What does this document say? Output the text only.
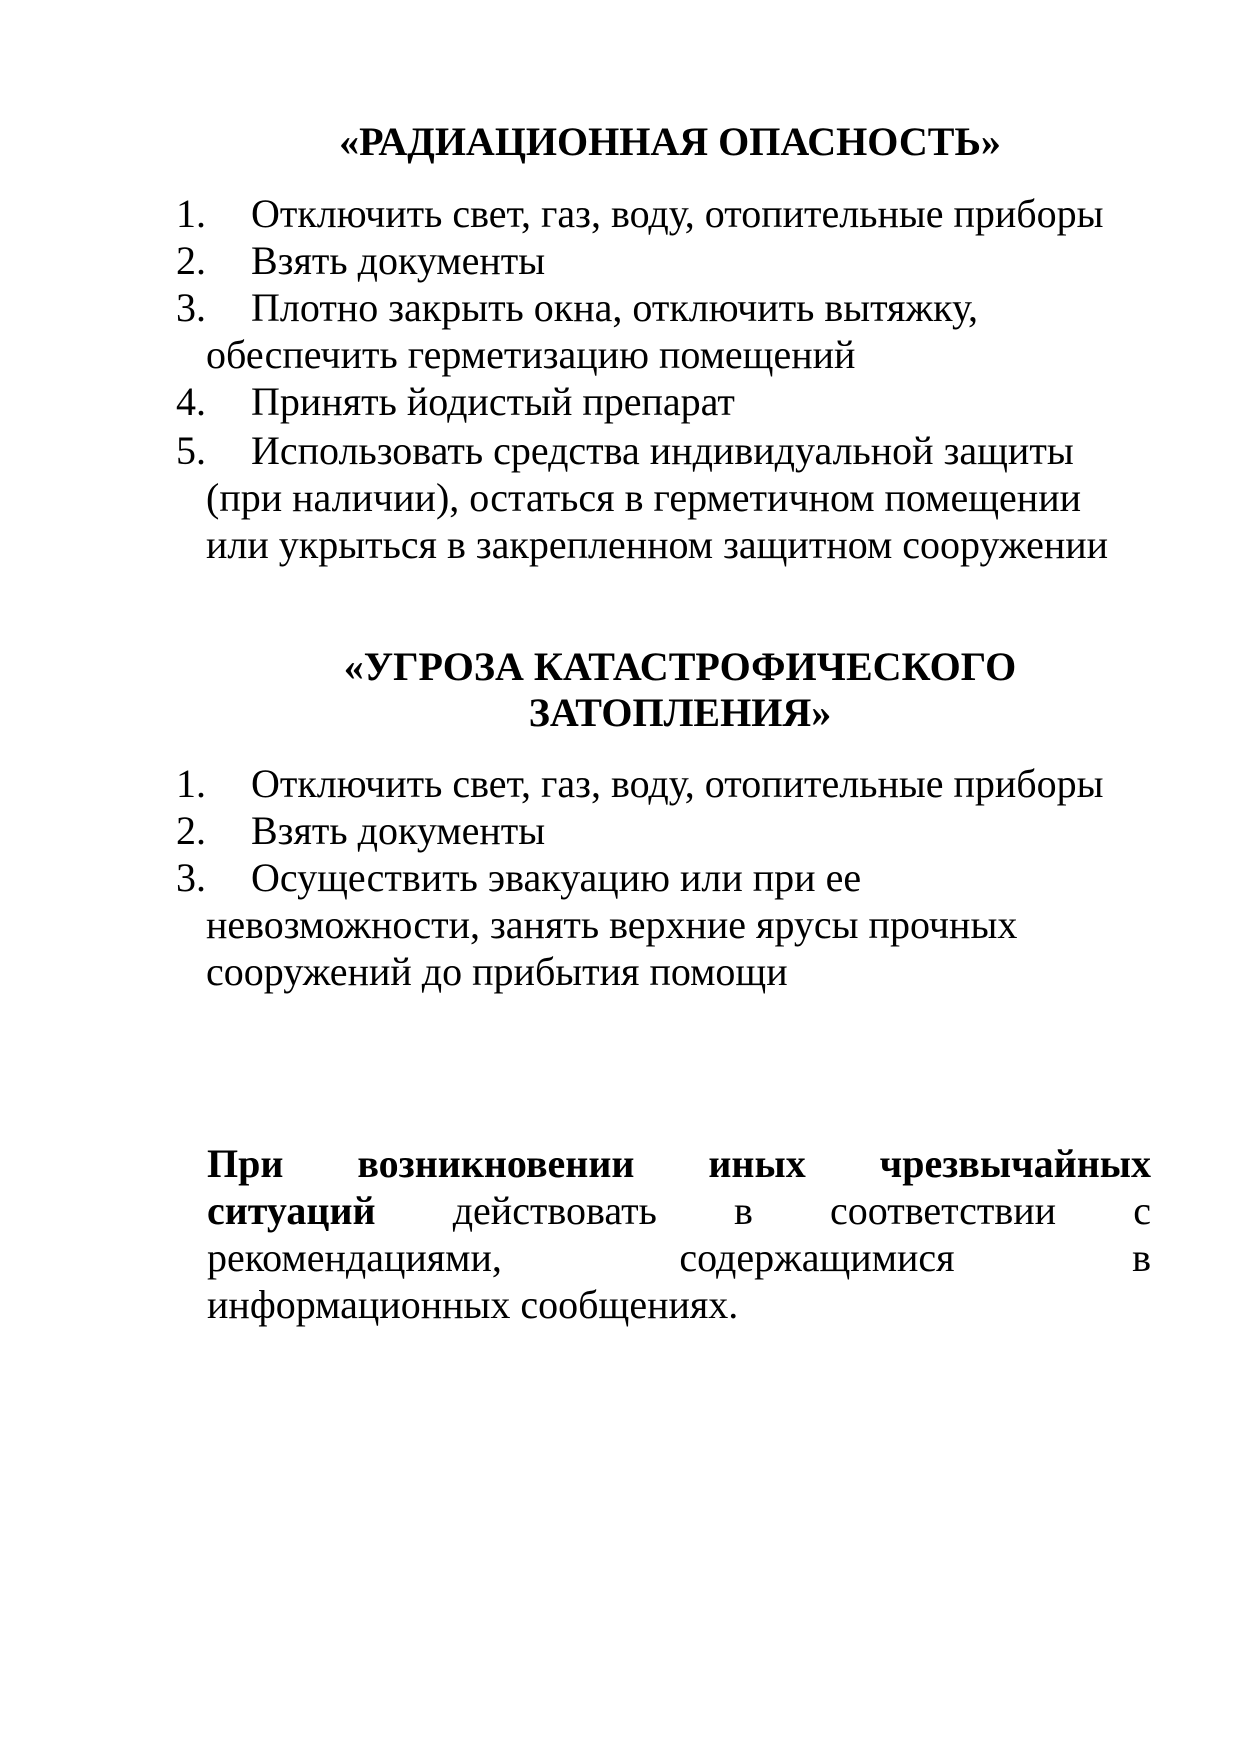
«РАДИАЦИОННАЯ ОПАСНОСТЬ»
1. Отключить свет, газ, воду, отопительные приборы
2. Взять документы
3. Плотно закрыть окна, отключить вытяжку,
обеспечить герметизацию помещений
4. Принять йодистый препарат
5. Использовать средства индивидуальной защиты
(при наличии), остаться в герметичном помещении
или укрыться в закрепленном защитном сооружении
«УГРОЗА КАТАСТРОФИЧЕСКОГО
ЗАТОПЛЕНИЯ»
1. Отключить свет, газ, воду, отопительные приборы
2. Взять документы
3. Осуществить эвакуацию или при ее
невозможности, занять верхние ярусы прочных
сооружений до прибытия помощи
При возникновении иных чрезвычайных
ситуаций действовать в соответствии с
рекомендациями,	содержащимися	в
информационных сообщениях.
